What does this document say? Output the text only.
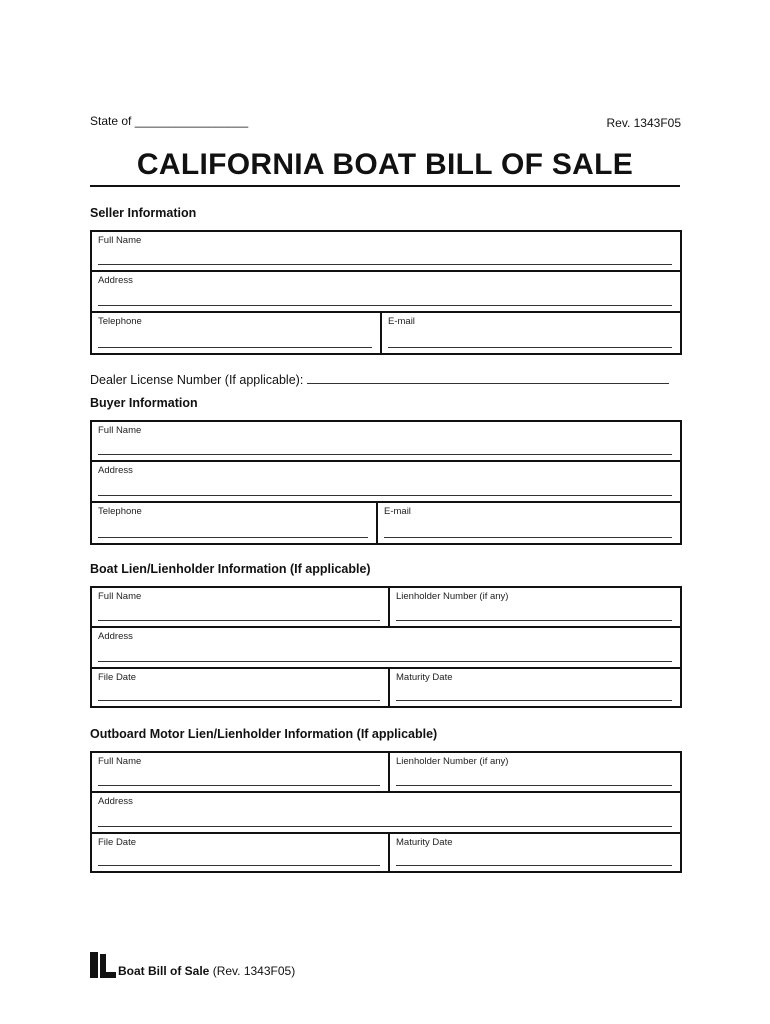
State of _________________	Rev. 1343F05
CALIFORNIA BOAT BILL OF SALE
Seller Information
Full Name
Address
Telephone	E-mail
Dealer License Number (If applicable):
Buyer Information
Full Name
Address
Telephone	E-mail
Boat Lien/Lienholder Information (If applicable)
Full Name	Lienholder Number (if any)
Address
File Date	Maturity Date
Outboard Motor Lien/Lienholder Information (If applicable)
Full Name	Lienholder Number (if any)
Address
File Date	Maturity Date
Boat Bill of Sale
(Rev. 1343F05)
